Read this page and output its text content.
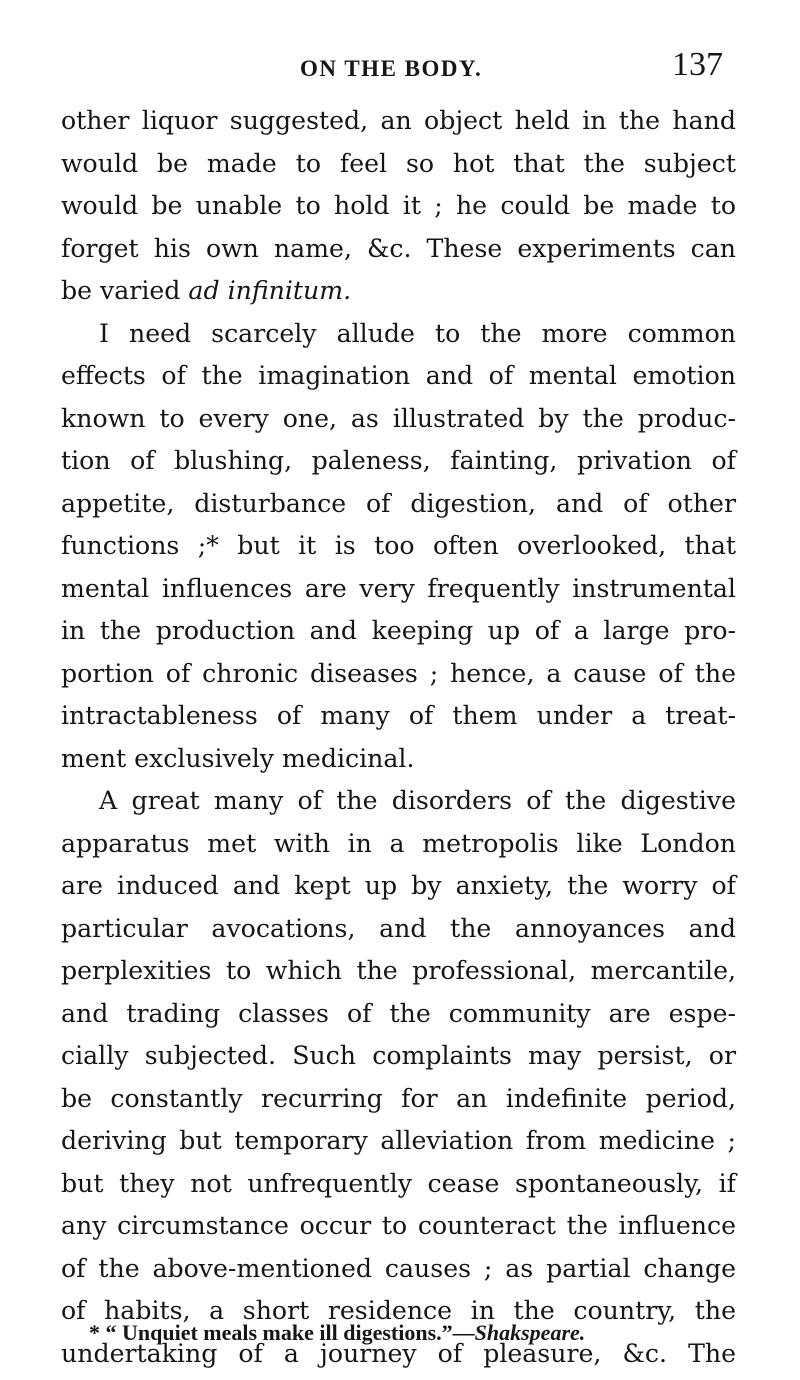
ON THE BODY.	137
other liquor suggested, an object held in the hand
would be made to feel so hot that the subject
would be unable to hold it ; he could be made to
forget his own name, &c. These experiments can
be varied ad infinitum.
I need scarcely allude to the more common
effects of the imagination and of mental emotion
known to every one, as illustrated by the produc-
tion of blushing, paleness, fainting, privation of
appetite, disturbance of digestion, and of other
functions ;* but it is too often overlooked, that
mental influences are very frequently instrumental
in the production and keeping up of a large pro-
portion of chronic diseases ; hence, a cause of the
intractableness of many of them under a treat-
ment exclusively medicinal.
A great many of the disorders of the digestive
apparatus met with in a metropolis like London
are induced and kept up by anxiety, the worry of
particular avocations, and the annoyances and
perplexities to which the professional, mercantile,
and trading classes of the community are espe-
cially subjected. Such complaints may persist, or
be constantly recurring for an indefinite period,
deriving but temporary alleviation from medicine ;
but they not unfrequently cease spontaneously, if
any circumstance occur to counteract the influence
of the above-mentioned causes ; as partial change
of habits, a short residence in the country, the
undertaking of a journey of pleasure, &c. The
* “ Unquiet meals make ill digestions.”—Shakspeare.
